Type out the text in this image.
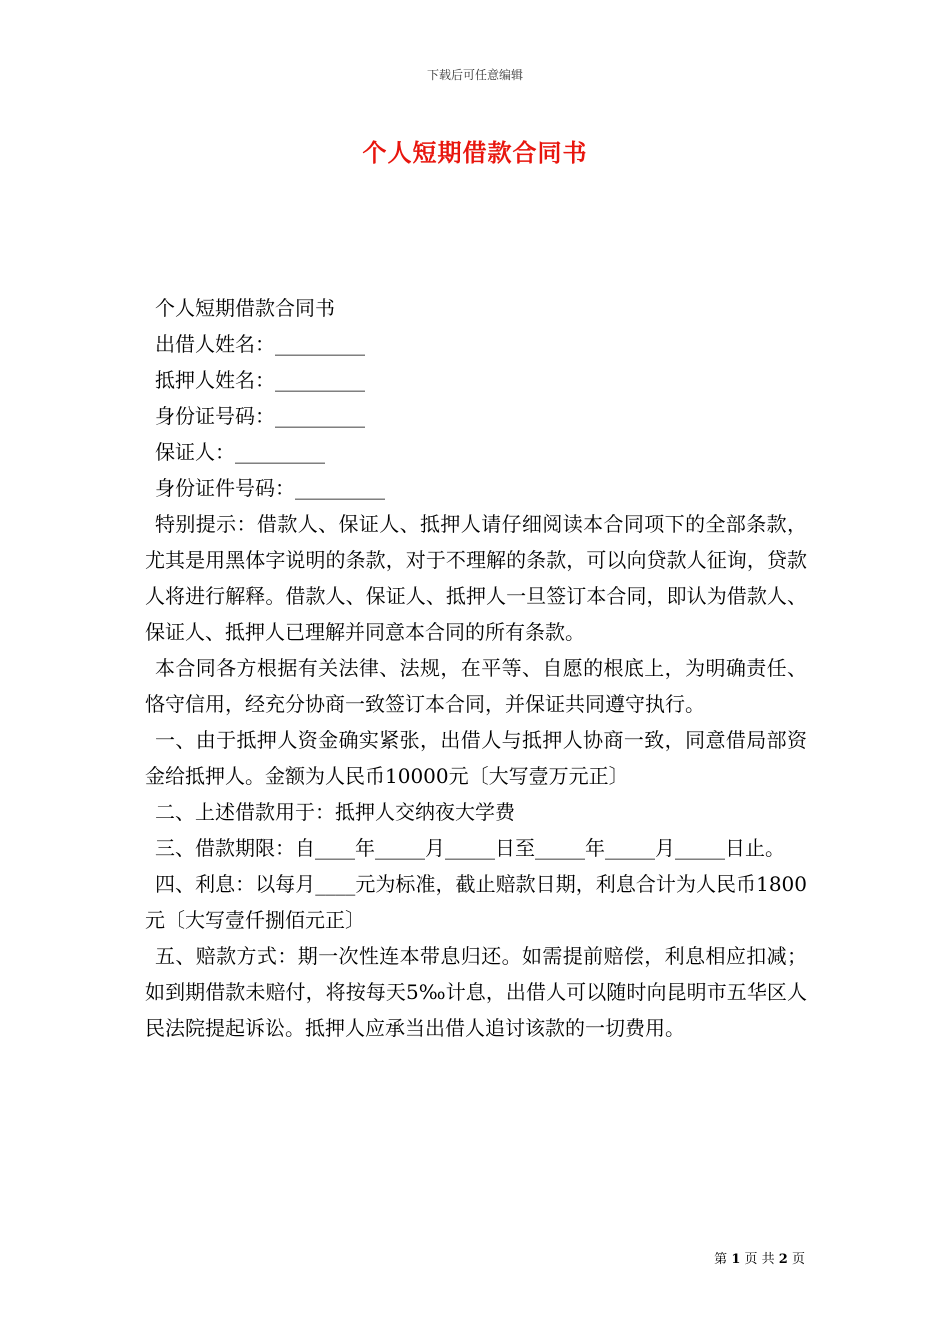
下载后可任意编辑
个人短期借款合同书

个人短期借款合同书

出借人姓名：_________

抵押人姓名：_________

身份证号码：_________

保证人：_________

身份证件号码：_________

特别提示：借款人、保证人、抵押人请仔细阅读本合同项下的全部条款，尤其是用黑体字说明的条款，对于不理解的条款，可以向贷款人征询，贷款人将进行解释。借款人、保证人、抵押人一旦签订本合同，即认为借款人、保证人、抵押人已理解并同意本合同的所有条款。

本合同各方根据有关法律、法规，在平等、自愿的根底上，为明确责任、恪守信用，经充分协商一致签订本合同，并保证共同遵守执行。

一、由于抵押人资金确实紧张，出借人与抵押人协商一致，同意借局部资金给抵押人。金额为人民币10000元〔大写壹万元正〕

二、上述借款用于：抵押人交纳夜大学费

三、借款期限：自____年_____月_____日至_____年_____月_____日止。

四、利息：以每月____元为标准，截止赔款日期，利息合计为人民币1800元〔大写壹仟捌佰元正〕

五、赔款方式：期一次性连本带息归还。如需提前赔偿，利息相应扣减；如到期借款未赔付，将按每天5‰计息，出借人可以随时向昆明市五华区人民法院提起诉讼。抵押人应承当出借人追讨该款的一切费用。

第 1 页 共 2 页
